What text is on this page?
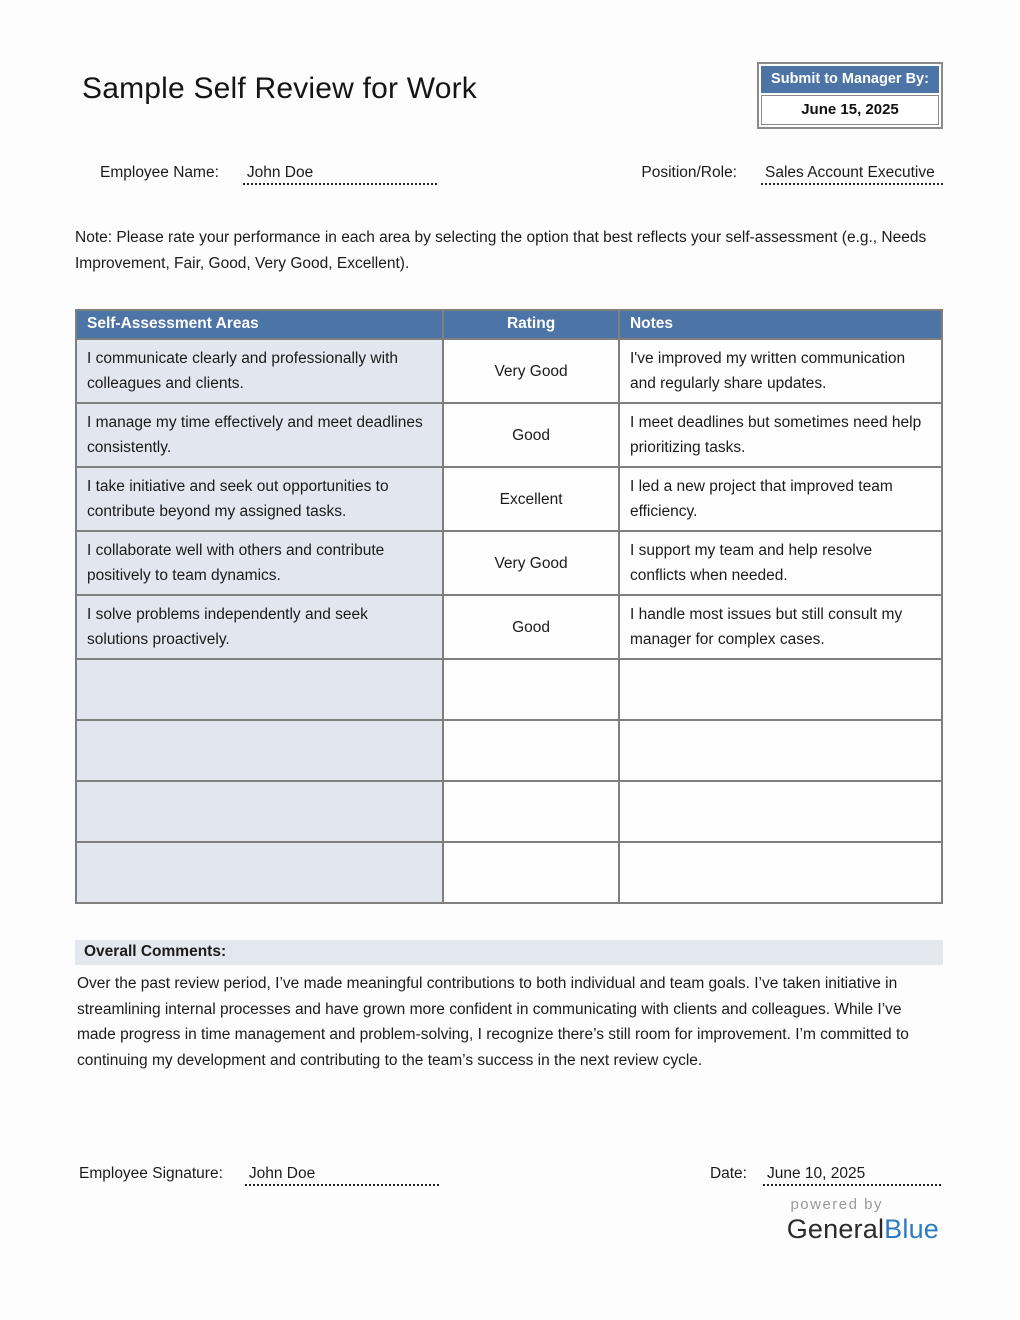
Sample Self Review for Work	Submit to Manager By:
June 15, 2025
Employee Name: John Doe	Position/Role: Sales Account Executive

Note: Please rate your performance in each area by selecting the option that best reflects your self-assessment (e.g., Needs Improvement, Fair, Good, Very Good, Excellent).

Self-Assessment Areas	Rating	Notes
I communicate clearly and professionally with colleagues and clients.	Very Good	I've improved my written communication and regularly share updates.
I manage my time effectively and meet deadlines consistently.	Good	I meet deadlines but sometimes need help prioritizing tasks.
I take initiative and seek out opportunities to contribute beyond my assigned tasks.	Excellent	I led a new project that improved team efficiency.
I collaborate well with others and contribute positively to team dynamics.	Very Good	I support my team and help resolve conflicts when needed.
I solve problems independently and seek solutions proactively.	Good	I handle most issues but still consult my manager for complex cases.

Overall Comments:

Over the past review period, I’ve made meaningful contributions to both individual and team goals. I’ve taken initiative in streamlining internal processes and have grown more confident in communicating with clients and colleagues. While I’ve made progress in time management and problem-solving, I recognize there’s still room for improvement. I’m committed to continuing my development and contributing to the team’s success in the next review cycle.

Employee Signature: John Doe	Date: June 10, 2025
powered by
GeneralBlue
